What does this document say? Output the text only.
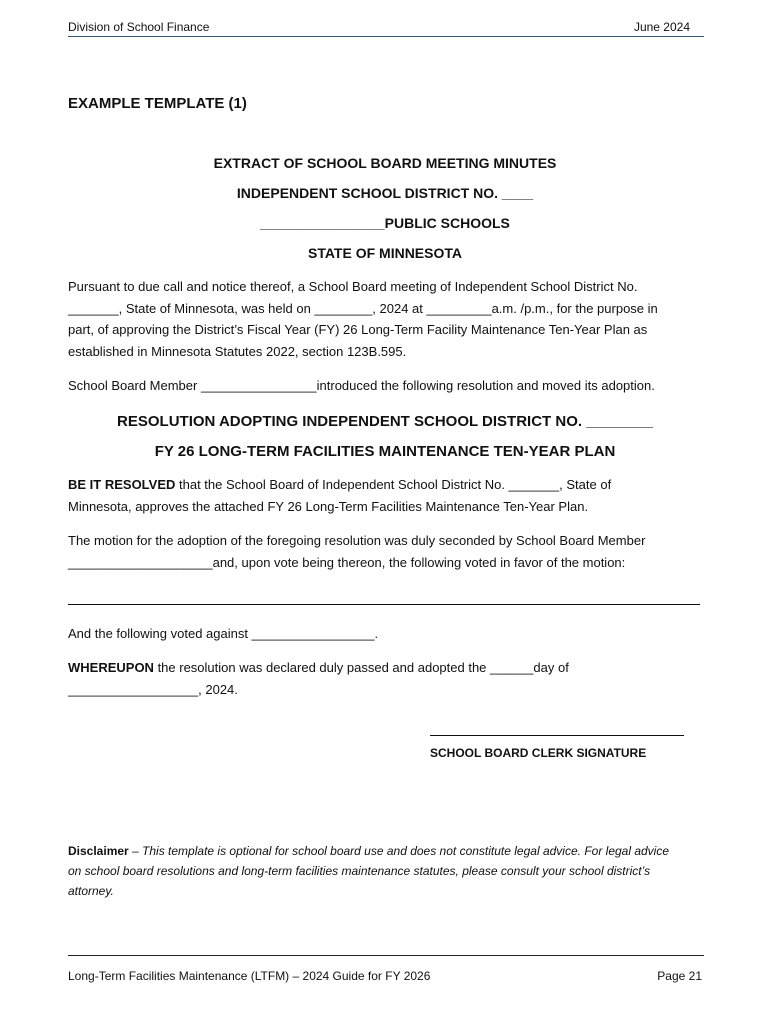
Division of School Finance	June 2024
EXAMPLE TEMPLATE (1)
EXTRACT OF SCHOOL BOARD MEETING MINUTES
INDEPENDENT SCHOOL DISTRICT NO. ____
________________PUBLIC SCHOOLS
STATE OF MINNESOTA
Pursuant to due call and notice thereof, a School Board meeting of Independent School District No.
_______, State of Minnesota, was held on ________, 2024 at _________a.m. /p.m., for the purpose in
part, of approving the District’s Fiscal Year (FY) 26 Long-Term Facility Maintenance Ten-Year Plan as
established in Minnesota Statutes 2022, section 123B.595.
School Board Member ________________introduced the following resolution and moved its adoption.
RESOLUTION ADOPTING INDEPENDENT SCHOOL DISTRICT NO. ________
FY 26 LONG-TERM FACILITIES MAINTENANCE TEN-YEAR PLAN
BE IT RESOLVED that the School Board of Independent School District No. _______, State of
Minnesota, approves the attached FY 26 Long-Term Facilities Maintenance Ten-Year Plan.
The motion for the adoption of the foregoing resolution was duly seconded by School Board Member
____________________and, upon vote being thereon, the following voted in favor of the motion:
And the following voted against _________________.
WHEREUPON the resolution was declared duly passed and adopted the ______day of
__________________, 2024.
SCHOOL BOARD CLERK SIGNATURE
Disclaimer – This template is optional for school board use and does not constitute legal advice. For legal advice
on school board resolutions and long-term facilities maintenance statutes, please consult your school district’s
attorney.
Long-Term Facilities Maintenance (LTFM) – 2024 Guide for FY 2026	Page 21
